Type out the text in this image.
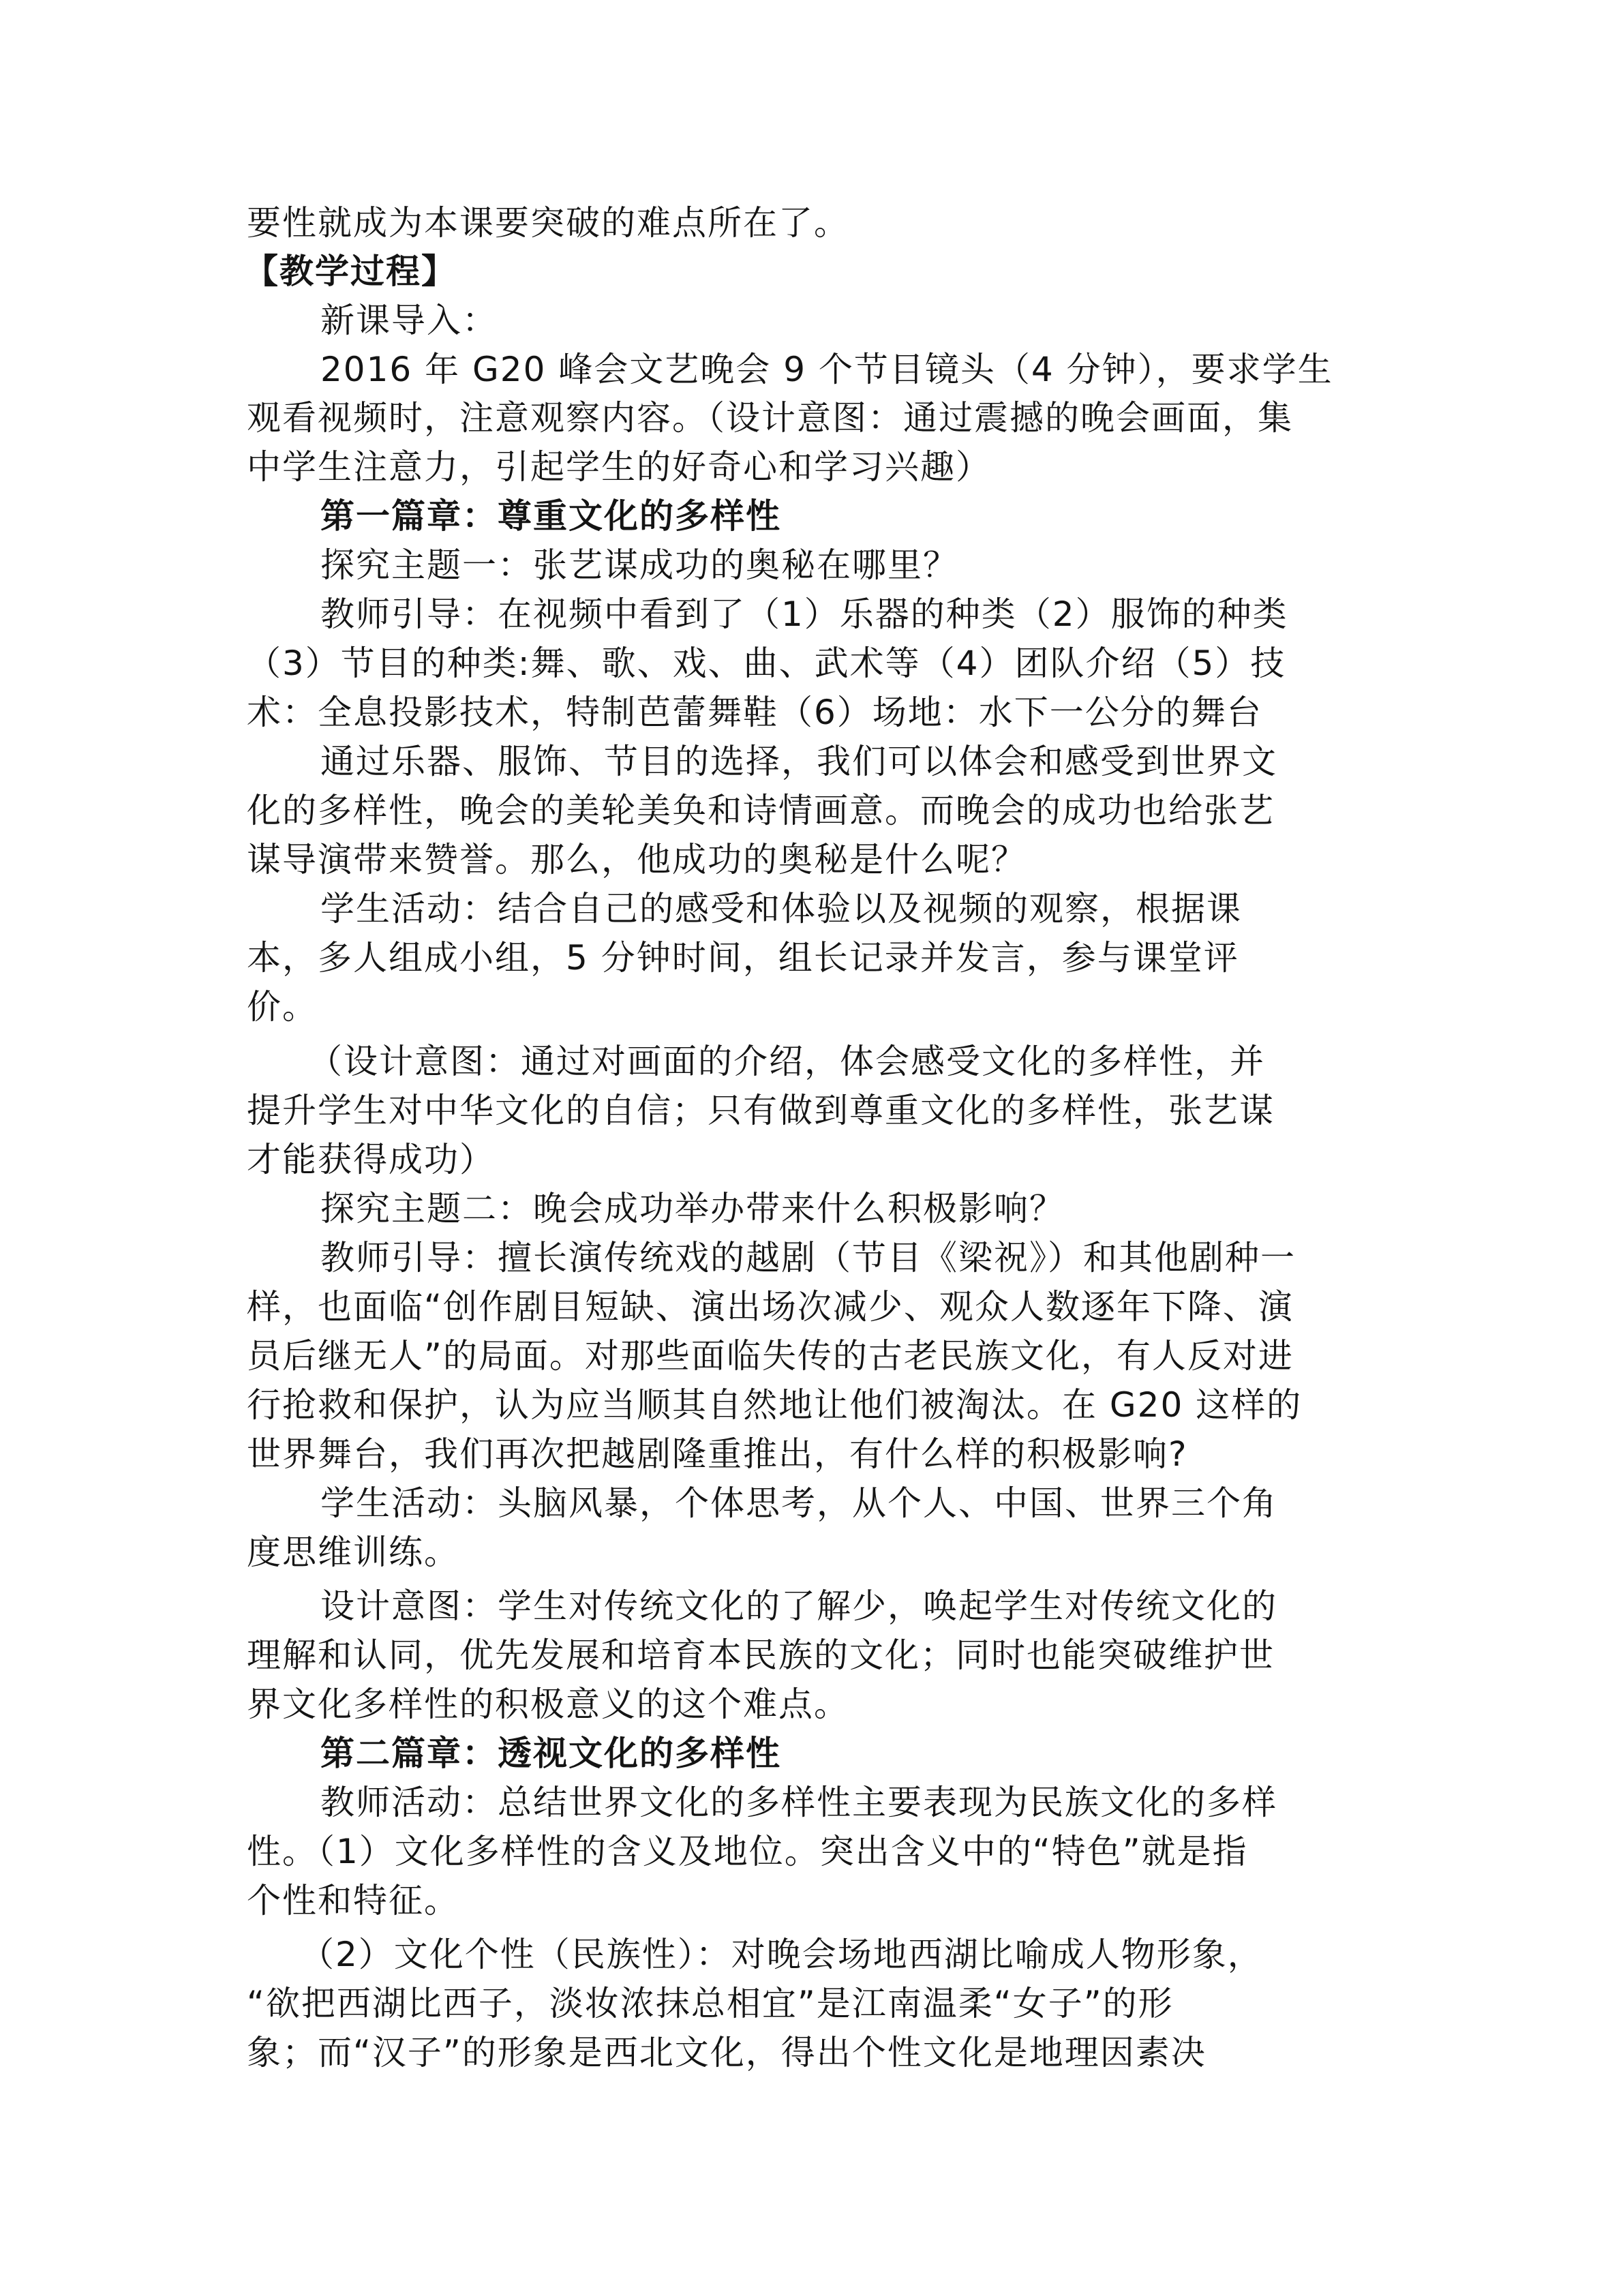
要性就成为本课要突破的难点所在了。

【教学过程】

新课导入：

2016 年 G20 峰会文艺晚会 9 个节目镜头（4 分钟），要求学生

观看视频时，注意观察内容。（设计意图：通过震撼的晚会画面，集

中学生注意力，引起学生的好奇心和学习兴趣）

第一篇章：尊重文化的多样性

探究主题一：张艺谋成功的奥秘在哪里？

教师引导：在视频中看到了（1）乐器的种类（2）服饰的种类

（3）节目的种类:舞、歌、戏、曲、武术等（4）团队介绍（5）技

术：全息投影技术，特制芭蕾舞鞋（6）场地：水下一公分的舞台

通过乐器、服饰、节目的选择，我们可以体会和感受到世界文

化的多样性，晚会的美轮美奂和诗情画意。而晚会的成功也给张艺

谋导演带来赞誉。那么，他成功的奥秘是什么呢？

学生活动：结合自己的感受和体验以及视频的观察，根据课

本，多人组成小组，5 分钟时间，组长记录并发言，参与课堂评

价。

（设计意图：通过对画面的介绍，体会感受文化的多样性，并

提升学生对中华文化的自信；只有做到尊重文化的多样性，张艺谋

才能获得成功）

探究主题二：晚会成功举办带来什么积极影响？

教师引导：擅长演传统戏的越剧（节目《梁祝》）和其他剧种一

样，也面临“创作剧目短缺、演出场次减少、观众人数逐年下降、演

员后继无人”的局面。对那些面临失传的古老民族文化，有人反对进

行抢救和保护，认为应当顺其自然地让他们被淘汰。在 G20 这样的

世界舞台，我们再次把越剧隆重推出，有什么样的积极影响?

学生活动：头脑风暴，个体思考，从个人、中国、世界三个角

度思维训练。

设计意图：学生对传统文化的了解少，唤起学生对传统文化的

理解和认同，优先发展和培育本民族的文化；同时也能突破维护世

界文化多样性的积极意义的这个难点。

第二篇章：透视文化的多样性

教师活动：总结世界文化的多样性主要表现为民族文化的多样

性。（1）文化多样性的含义及地位。突出含义中的“特色”就是指

个性和特征。

（2）文化个性（民族性）：对晚会场地西湖比喻成人物形象，

“欲把西湖比西子，淡妆浓抹总相宜”是江南温柔“女子”的形

象；而“汉子”的形象是西北文化，得出个性文化是地理因素决
